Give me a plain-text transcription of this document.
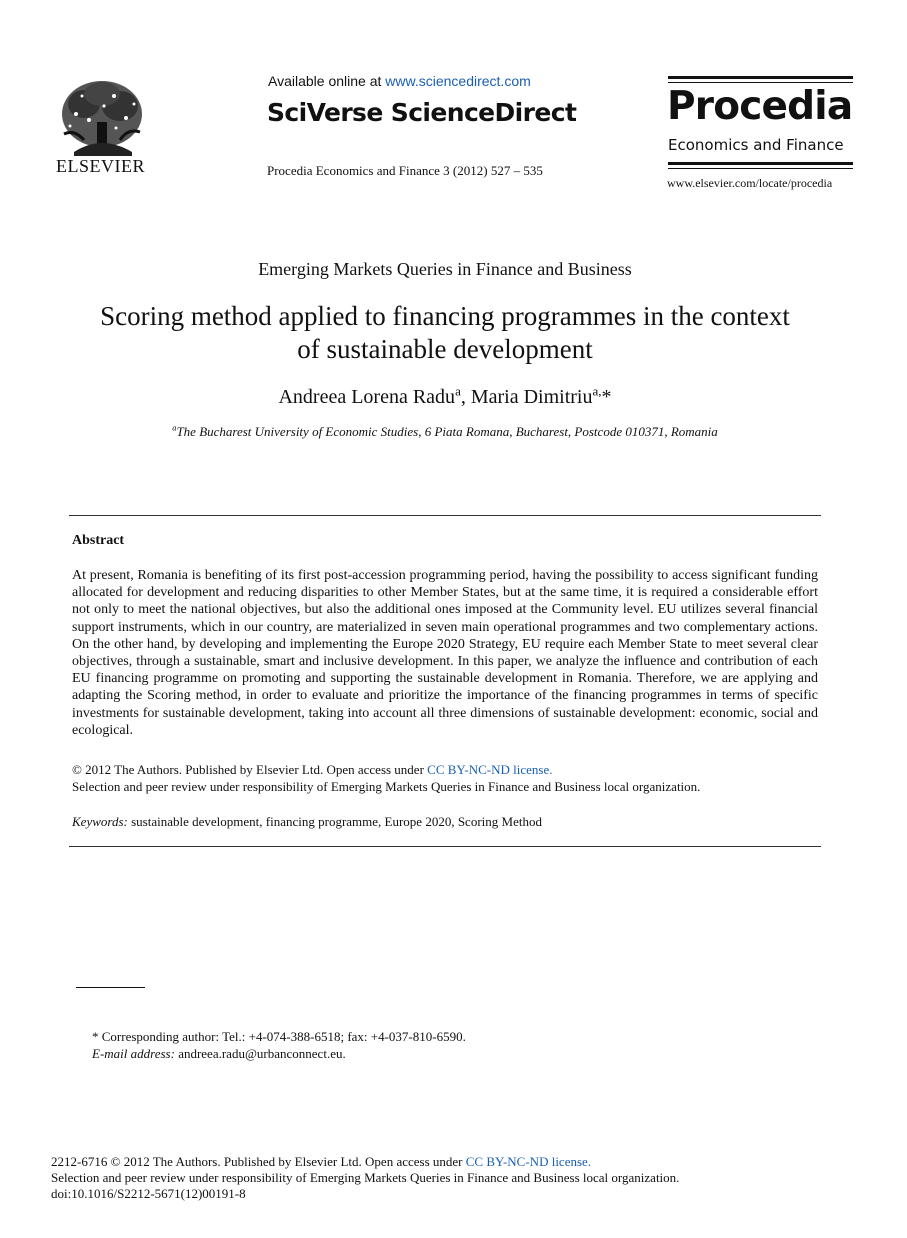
ELSEVIER
Available online at www.sciencedirect.com
SciVerse ScienceDirect
Procedia Economics and Finance 3 (2012) 527 – 535
Procedia
Economics and Finance
www.elsevier.com/locate/procedia
Emerging Markets Queries in Finance and Business
Scoring method applied to financing programmes in the context
of sustainable development
Andreea Lorena Radu$^a$, Maria Dimitriu$^{a,}$*
$^a$The Bucharest University of Economic Studies, 6 Piata Romana, Bucharest, Postcode 010371, Romania
Abstract
At present, Romania is benefiting of its first post-accession programming period, having the possibility to access significant funding allocated for development and reducing disparities to other Member States, but at the same time, it is required a considerable effort not only to meet the national objectives, but also the additional ones imposed at the Community level. EU utilizes several financial support instruments, which in our country, are materialized in seven main operational programmes and two complementary actions. On the other hand, by developing and implementing the Europe 2020 Strategy, EU require each Member State to meet several clear objectives, through a sustainable, smart and inclusive development. In this paper, we analyze the influence and contribution of each EU financing programme on promoting and supporting the sustainable development in Romania. Therefore, we are applying and adapting the Scoring method, in order to evaluate and prioritize the importance of the financing programmes in terms of specific investments for sustainable development, taking into account all three dimensions of sustainable development: economic, social and ecological.
© 2012 The Authors. Published by Elsevier Ltd. Open access under CC BY-NC-ND license.
Selection and peer review under responsibility of Emerging Markets Queries in Finance and Business local organization.
Keywords: sustainable development, financing programme, Europe 2020, Scoring Method
* Corresponding author: Tel.: +4-074-388-6518; fax: +4-037-810-6590.
E-mail address: andreea.radu@urbanconnect.eu.
2212-6716 © 2012 The Authors. Published by Elsevier Ltd. Open access under CC BY-NC-ND license.
Selection and peer review under responsibility of Emerging Markets Queries in Finance and Business local organization.
doi:10.1016/S2212-5671(12)00191-8
